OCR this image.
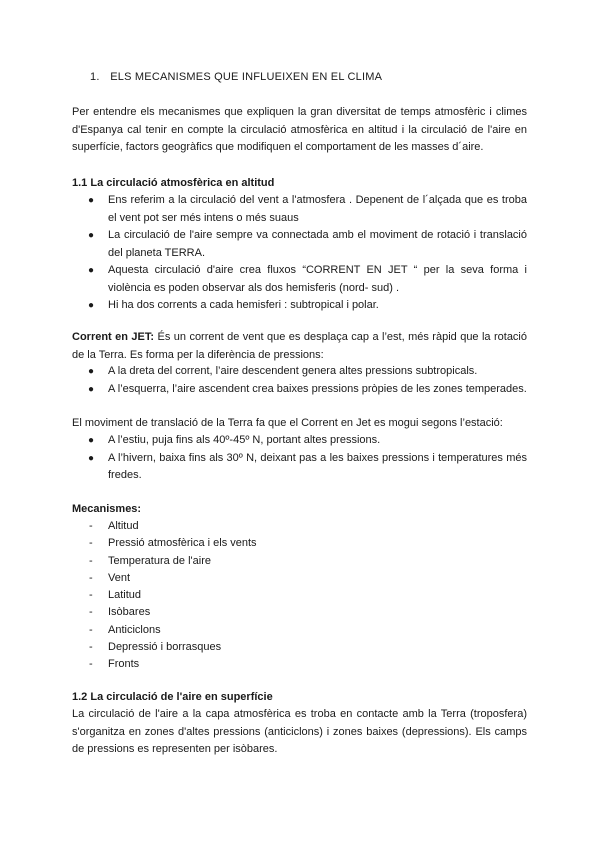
1. ELS MECANISMES QUE INFLUEIXEN EN EL CLIMA

Per entendre els mecanismes que expliquen la gran diversitat de temps atmosfèric i climes d'Espanya cal tenir en compte la circulació atmosfèrica en altitud i la circulació de l'aire en superfície, factors geogràfics que modifiquen el comportament de les masses d´aire.

1.1 La circulació atmosfèrica en altitud
● Ens referim a la circulació del vent a l'atmosfera . Depenent de l´alçada que es troba el vent pot ser més intens o més suaus
● La circulació de l'aire sempre va connectada amb el moviment de rotació i translació del planeta TERRA.
● Aquesta circulació d'aire crea fluxos “CORRENT EN JET “ per la seva forma i violència es poden observar als dos hemisferis (nord- sud) .
● Hi ha dos corrents a cada hemisferi : subtropical i polar.

Corrent en JET: És un corrent de vent que es desplaça cap a l’est, més ràpid que la rotació de la Terra. Es forma per la diferència de pressions:

● A la dreta del corrent, l’aire descendent genera altes pressions subtropicals.
● A l’esquerra, l’aire ascendent crea baixes pressions pròpies de les zones temperades.

El moviment de translació de la Terra fa que el Corrent en Jet es mogui segons l’estació:

● A l’estiu, puja fins als 40º-45º N, portant altes pressions.
● A l’hivern, baixa fins als 30º N, deixant pas a les baixes pressions i temperatures més fredes.
Mecanismes:
- Altitud
- Pressió atmosfèrica i els vents
- Temperatura de l'aire
- Vent
- Latitud
- Isòbares
- Anticiclons
- Depressió i borrasques
- Fronts
1.2 La circulació de l'aire en superfície

La circulació de l'aire a la capa atmosfèrica es troba en contacte amb la Terra (troposfera) s'organitza en zones d'altes pressions (anticiclons) i zones baixes (depressions). Els camps de pressions es representen per isòbares.
